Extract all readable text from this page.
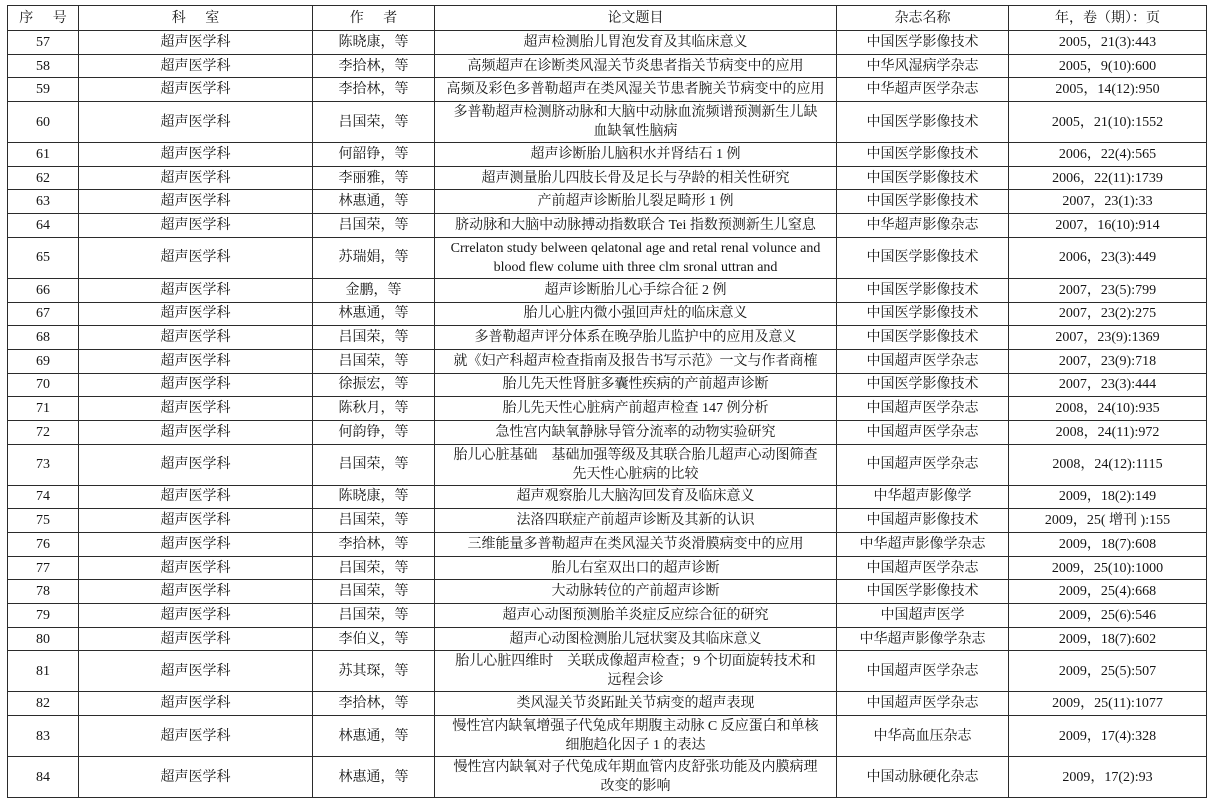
序 号	科 室	作 者	论文题目	杂志名称	年，卷（期）：页
57	超声医学科	陈晓康，等	超声检测胎儿胃泡发育及其临床意义	中国医学影像技术	2005，21(3):443
58	超声医学科	李拾林，等	高频超声在诊断类风湿关节炎患者指关节病变中的应用	中华风湿病学杂志	2005，9(10):600
59	超声医学科	李拾林，等	高频及彩色多普勒超声在类风湿关节患者腕关节病变中的应用	中华超声医学杂志	2005，14(12):950
60	超声医学科	吕国荣，等	多普勒超声检测脐动脉和大脑中动脉血流频谱预测新生儿缺
血缺氧性脑病	中国医学影像技术	2005，21(10):1552
61	超声医学科	何韶铮，等	超声诊断胎儿脑积水并肾结石 1 例	中国医学影像技术	2006，22(4):565
62	超声医学科	李丽雅，等	超声测量胎儿四肢长骨及足长与孕龄的相关性研究	中国医学影像技术	2006，22(11):1739
63	超声医学科	林惠通，等	产前超声诊断胎儿裂足畸形 1 例	中国医学影像技术	2007，23(1):33
64	超声医学科	吕国荣，等	脐动脉和大脑中动脉搏动指数联合 Tei 指数预测新生儿窒息	中华超声影像杂志	2007，16(10):914
65	超声医学科	苏瑞娟，等	Crrelaton study belween qelatonal age and retal renal volunce and
blood flew colume uith three clm sronal uttran and	中国医学影像技术	2006，23(3):449
66	超声医学科	金鹏，等	超声诊断胎儿心手综合征 2 例	中国医学影像技术	2007，23(5):799
67	超声医学科	林惠通，等	胎儿心脏内微小强回声灶的临床意义	中国医学影像技术	2007，23(2):275
68	超声医学科	吕国荣，等	多普勒超声评分体系在晚孕胎儿监护中的应用及意义	中国医学影像技术	2007，23(9):1369
69	超声医学科	吕国荣，等	就《妇产科超声检查指南及报告书写示范》一文与作者商榷	中国超声医学杂志	2007，23(9):718
70	超声医学科	徐振宏，等	胎儿先天性肾脏多囊性疾病的产前超声诊断	中国医学影像技术	2007，23(3):444
71	超声医学科	陈秋月，等	胎儿先天性心脏病产前超声检查 147 例分析	中国超声医学杂志	2008，24(10):935
72	超声医学科	何韵铮，等	急性宫内缺氧静脉导管分流率的动物实验研究	中国超声医学杂志	2008，24(11):972
73	超声医学科	吕国荣，等	胎儿心脏基础　基础加强等级及其联合胎儿超声心动图筛查
先天性心脏病的比较	中国超声医学杂志	2008，24(12):1115
74	超声医学科	陈晓康，等	超声观察胎儿大脑沟回发育及临床意义	中华超声影像学	2009，18(2):149
75	超声医学科	吕国荣，等	法洛四联症产前超声诊断及其新的认识	中国超声影像技术	2009，25( 增刊 ):155
76	超声医学科	李拾林，等	三维能量多普勒超声在类风湿关节炎滑膜病变中的应用	中华超声影像学杂志	2009，18(7):608
77	超声医学科	吕国荣，等	胎儿右室双出口的超声诊断	中国超声医学杂志	2009，25(10):1000
78	超声医学科	吕国荣，等	大动脉转位的产前超声诊断	中国医学影像技术	2009，25(4):668
79	超声医学科	吕国荣，等	超声心动图预测胎羊炎症反应综合征的研究	中国超声医学	2009，25(6):546
80	超声医学科	李伯义，等	超声心动图检测胎儿冠状窦及其临床意义	中华超声影像学杂志	2009，18(7):602
81	超声医学科	苏其琛，等	胎儿心脏四维时　关联成像超声检查；9 个切面旋转技术和
远程会诊	中国超声医学杂志	2009，25(5):507
82	超声医学科	李拾林，等	类风湿关节炎跖趾关节病变的超声表现	中国超声医学杂志	2009，25(11):1077
83	超声医学科	林惠通，等	慢性宫内缺氧增强子代兔成年期腹主动脉 C 反应蛋白和单核
细胞趋化因子 1 的表达	中华高血压杂志	2009，17(4):328
84	超声医学科	林惠通，等	慢性宫内缺氧对子代兔成年期血管内皮舒张功能及内膜病理
改变的影响	中国动脉硬化杂志	2009，17(2):93
